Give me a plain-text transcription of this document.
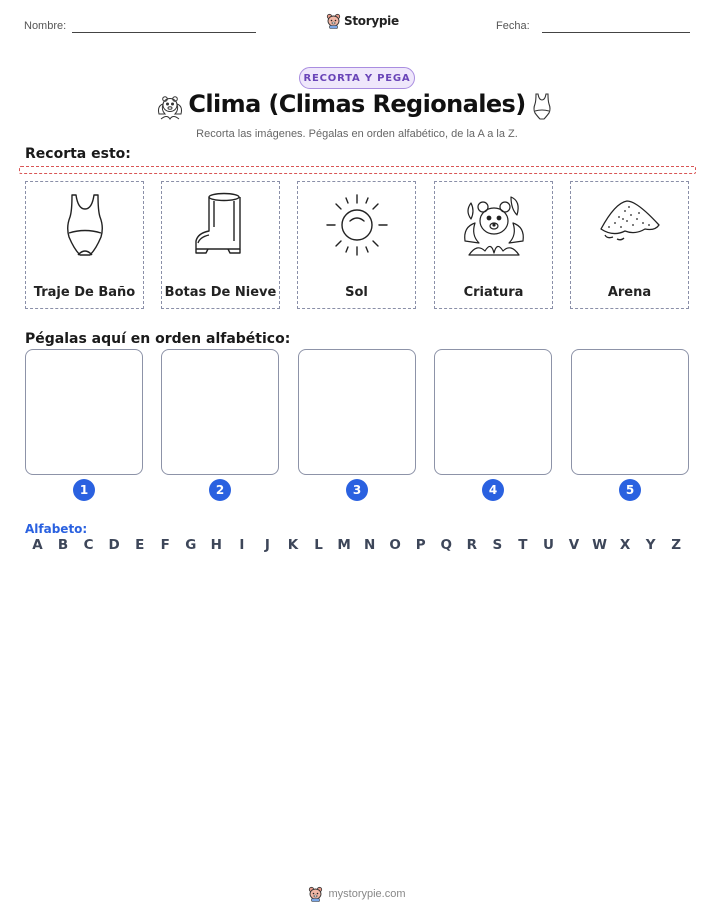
Nombre:	Storypie	Fecha:
RECORTA Y PEGA
Clima (Climas Regionales)
Recorta las imágenes. Pégalas en orden alfabético, de la A a la Z.
Recorta esto:
Traje De Baño	Botas De Nieve	Sol	Criatura	Arena
Pégalas aquí en orden alfabético:
1	2	3	4	5
Alfabeto:
A	B	C	D	E	F	G	H	I	J	K	L	M N	O	P	Q	R	S	T	U	V W X	Y	Z
mystorypie.com
